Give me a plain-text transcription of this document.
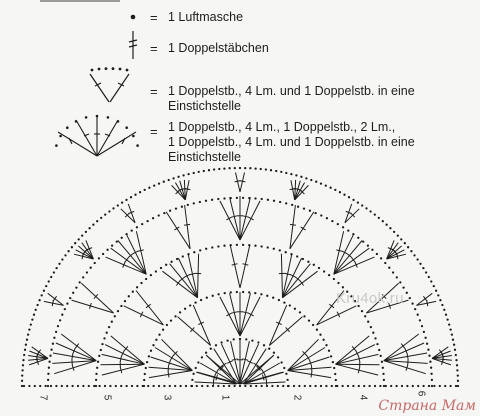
= 1 Luftmasche
= 1 Doppelstäbchen
= 1 Doppelstb., 4 Lm. und 1 Doppelstb. in eine
Einstichstelle
= 1 Doppelstb., 4 Lm., 1 Doppelstb., 2 Lm.,
1 Doppelstb., 4 Lm. und 1 Doppelstb. in eine
Einstichstelle
Kru4ok.ru
7	5	3	1	2	4
6
Страна Мам
